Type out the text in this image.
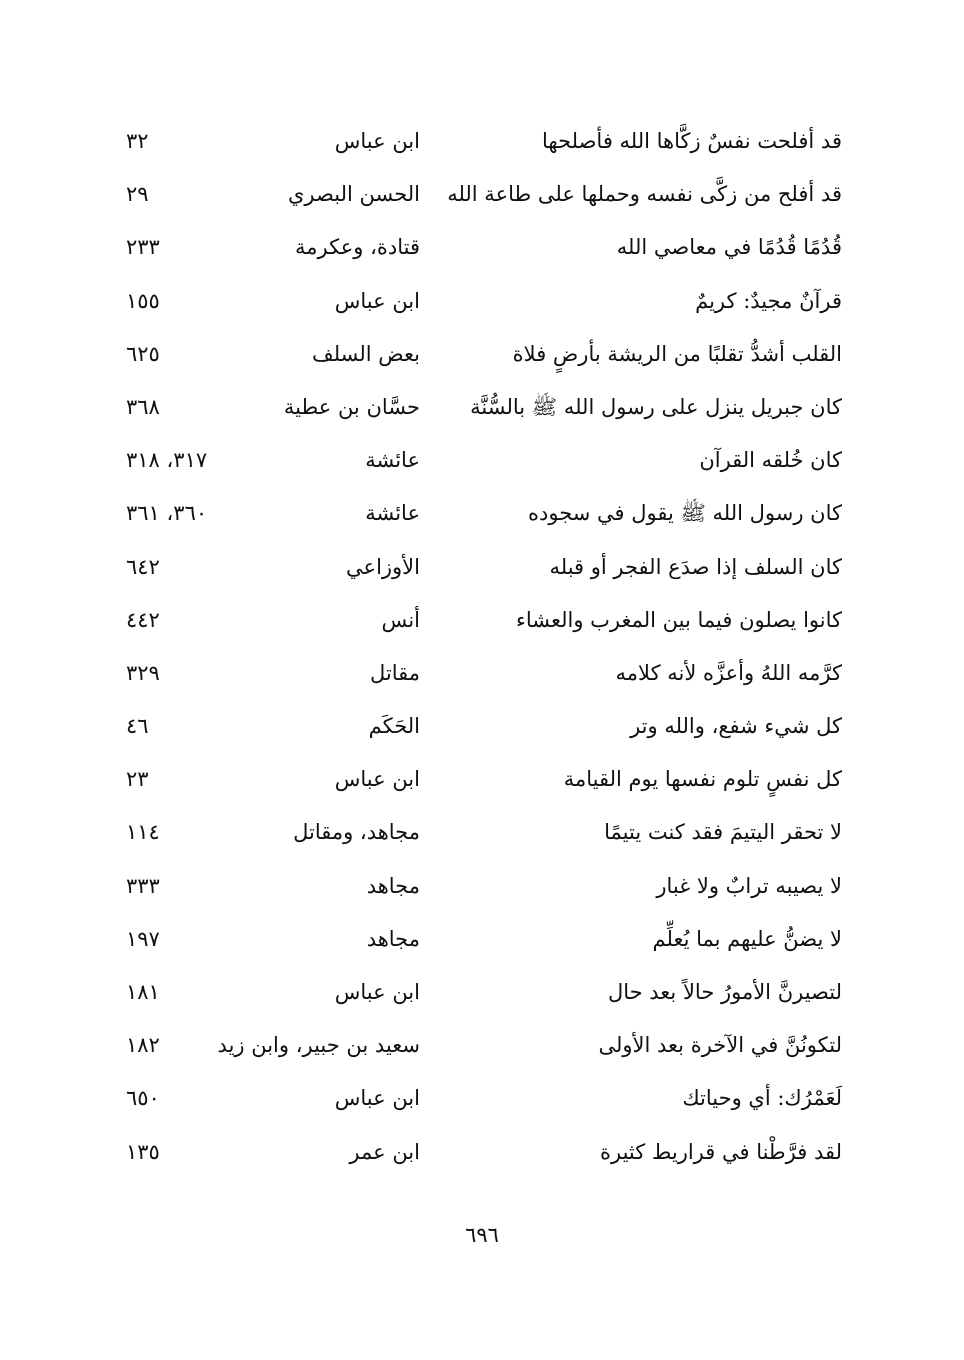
قد أفلحت نفسٌ زكَّاها الله فأصلحها
ابن عباس
٣٢
قد أفلح من زكَّى نفسه وحملها على طاعة الله
الحسن البصري
٢٩
قُدُمًا قُدُمًا في معاصي الله
قتادة، وعكرمة
٢٣٣
قرآنٌ مجيدٌ: كريمٌ
ابن عباس
١٥٥
القلب أشدُّ تقلبًا من الريشة بأرضٍ فلاة
بعض السلف
٦٢٥
كان جبريل ينزل على رسول الله ﷺ بالسُّنَّة
حسَّان بن عطية
٣٦٨
كان خُلقه القرآن
عائشة
٣١٧، ٣١٨
كان رسول الله ﷺ يقول في سجوده
عائشة
٣٦٠، ٣٦١
كان السلف إذا صدَع الفجر أو قبله
الأوزاعي
٦٤٢
كانوا يصلون فيما بين المغرب والعشاء
أنس
٤٤٢
كرَّمه اللهُ وأعزَّه لأنه كلامه
مقاتل
٣٢٩
كل شيء شفع، والله وتر
الحَكَم
٤٦
كل نفسٍ تلوم نفسها يوم القيامة
ابن عباس
٢٣
لا تحقر اليتيمَ فقد كنت يتيمًا
مجاهد، ومقاتل
١١٤
لا يصيبه ترابٌ ولا غبار
مجاهد
٣٣٣
لا يضنُّ عليهم بما يُعلِّم
مجاهد
١٩٧
لتصيرنَّ الأمورُ حالاً بعد حال
ابن عباس
١٨١
لتكونُنَّ في الآخرة بعد الأولى
سعيد بن جبير، وابن زيد
١٨٢
لَعَمْرُك: أي وحياتك
ابن عباس
٦٥٠
لقد فرَّطْنا في قراريط كثيرة
ابن عمر
١٣٥
٦٩٦
